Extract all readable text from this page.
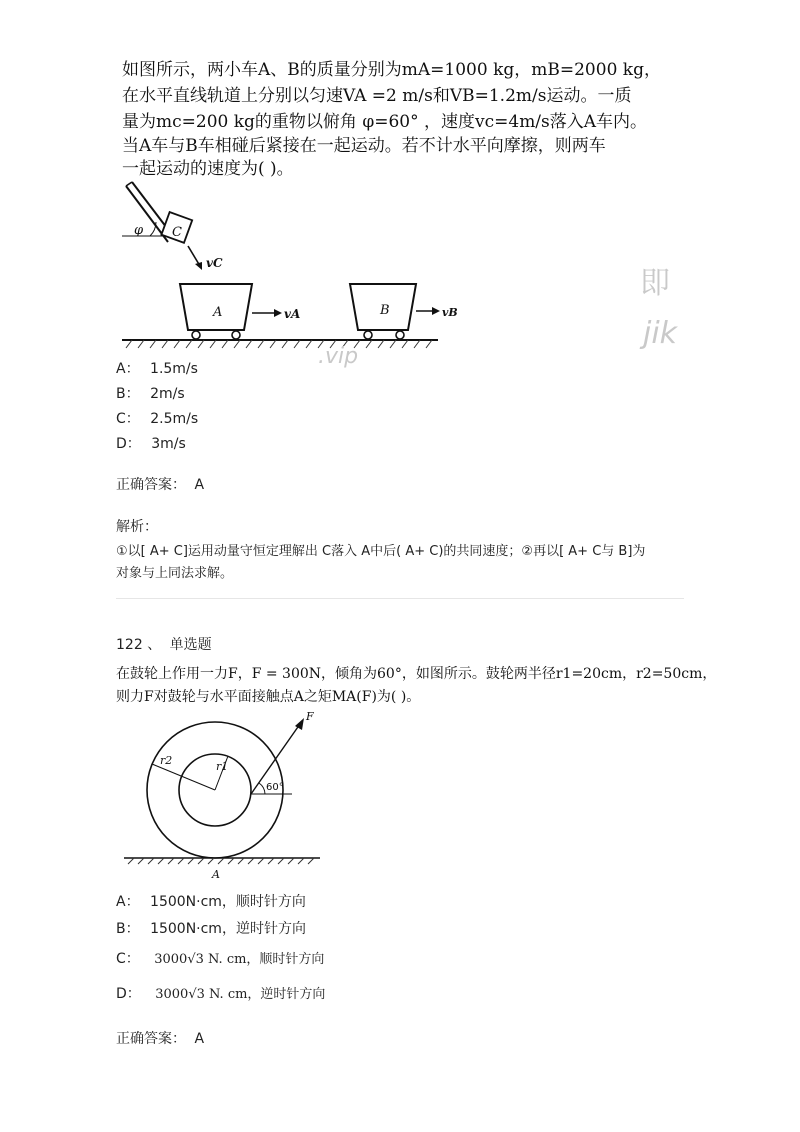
如图所示，两小车A、B的质量分别为mA=1000 kg，mB=2000 kg，
在水平直线轨道上分别以匀速VA =2 m/s和VB=1.2m/s运动。一质
量为mc=200 kg的重物以俯角 φ=60° ，速度vc=4m/s落入A车内。
当A车与B车相碰后紧接在一起运动。若不计水平向摩擦，则两车
一起运动的速度为( )。
φ C
vC
A	vA	B	vB
即
jik
.vip
A： 1.5m/s
B： 2m/s
C： 2.5m/s
D： 3m/s
正确答案： A
解析：
①以[ A+ C]运用动量守恒定理解出 C落入 A中后( A+ C)的共同速度；②再以[ A+ C与 B]为
对象与上同法求解。
122 、 单选题
在鼓轮上作用一力F，F = 300N，倾角为60°，如图所示。鼓轮两半径r1=20cm，r2=50cm，
则力F对鼓轮与水平面接触点A之矩MA(F)为( )。
r2	r1
F
60°
A
A： 1500N·cm，顺时针方向
B： 1500N·cm，逆时针方向
C： 3000√3 N. cm，顺时针方向
D： 3000√3 N. cm，逆时针方向
正确答案： A
